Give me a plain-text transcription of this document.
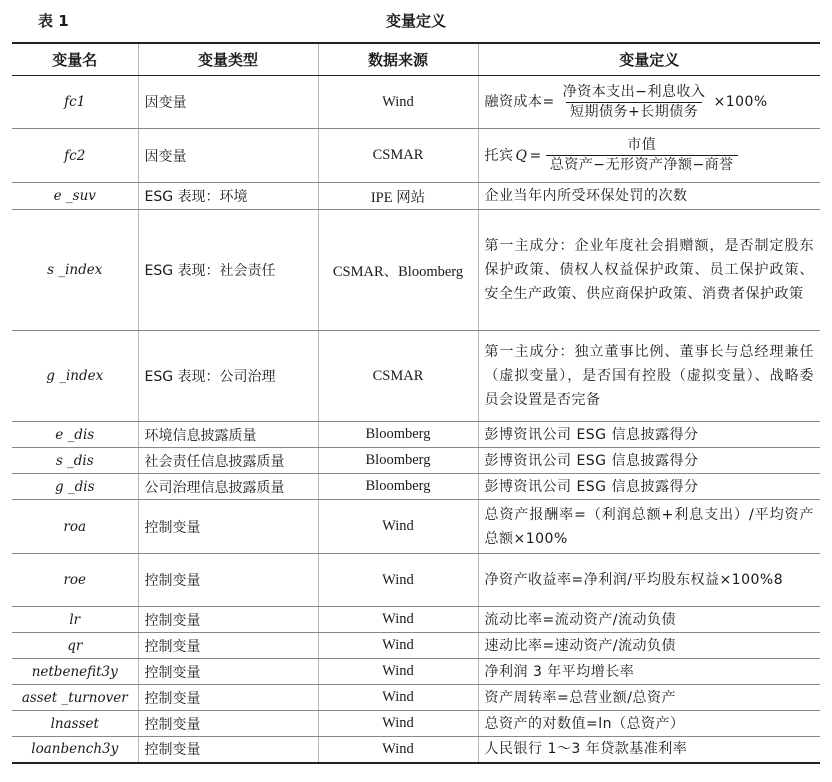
表 1	变量定义
变量名	变量类型	数据来源	变量定义
fc1	因变量	Wind	融资成本= $\frac{\text{净资本支出−利息收入}}{\text{短期债务+长期债务}} \times 100\%$

fc2	因变量	CSMAR	托宾 $Q = \frac{\text{市值}}{\text{总资产−无形资产净额−商誉}}$

e _suv	ESG 表现：环境	IPE 网站	企业当年内所受环保处罚的次数
s _index	ESG 表现：社会责任	CSMAR、Bloomberg	第一主成分：企业年度社会捐赠额，是否制定股东保护政策、债权人权益保护政策、员工保护政策、安全生产政策、供应商保护政策、消费者保护政策
g _index	ESG 表现：公司治理	CSMAR	第一主成分：独立董事比例、董事长与总经理兼任（虚拟变量），是否国有控股（虚拟变量）、战略委员会设置是否完备
e _dis	环境信息披露质量	Bloomberg	彭博资讯公司 ESG 信息披露得分
s _dis	社会责任信息披露质量	Bloomberg	彭博资讯公司 ESG 信息披露得分
g _dis	公司治理信息披露质量	Bloomberg	彭博资讯公司 ESG 信息披露得分
roa	控制变量	Wind	总资产报酬率=（利润总额+利息支出）/平均资产总额×100%
roe	控制变量	Wind	净资产收益率=净利润/平均股东权益×100%8
lr	控制变量	Wind	流动比率=流动资产/流动负债
qr	控制变量	Wind	速动比率=速动资产/流动负债
netbenefit3y	控制变量	Wind	净利润 3 年平均增长率
asset _turnover	控制变量	Wind	资产周转率=总营业额/总资产
lnasset	控制变量	Wind	总资产的对数值=ln（总资产）
loanbench3y	控制变量	Wind	人民银行 1～3 年贷款基准利率
